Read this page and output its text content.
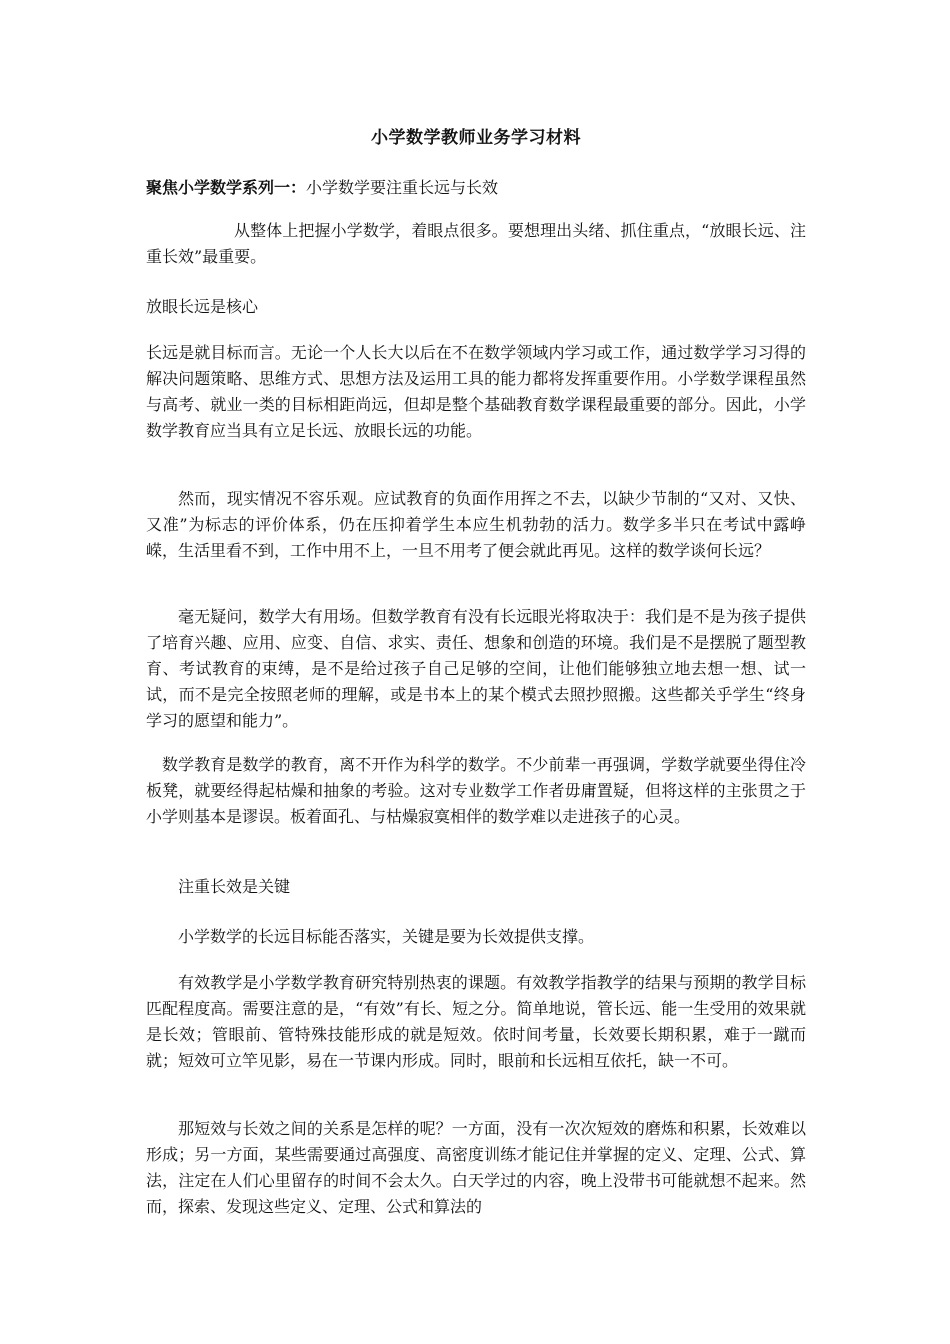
小学数学教师业务学习材料
聚焦小学数学系列一：小学数学要注重长远与长效

从整体上把握小学数学，着眼点很多。要想理出头绪、抓住重点，“放眼长远、注重长效”最重要。

放眼长远是核心

长远是就目标而言。无论一个人长大以后在不在数学领域内学习或工作，通过数学学习习得的解决问题策略、思维方式、思想方法及运用工具的能力都将发挥重要作用。小学数学课程虽然与高考、就业一类的目标相距尚远，但却是整个基础教育数学课程最重要的部分。因此，小学数学教育应当具有立足长远、放眼长远的功能。

然而，现实情况不容乐观。应试教育的负面作用挥之不去，以缺少节制的“又对、又快、又准”为标志的评价体系，仍在压抑着学生本应生机勃勃的活力。数学多半只在考试中露峥嵘，生活里看不到，工作中用不上，一旦不用考了便会就此再见。这样的数学谈何长远？

毫无疑问，数学大有用场。但数学教育有没有长远眼光将取决于：我们是不是为孩子提供了培育兴趣、应用、应变、自信、求实、责任、想象和创造的环境。我们是不是摆脱了题型教育、考试教育的束缚，是不是给过孩子自己足够的空间，让他们能够独立地去想一想、试一试，而不是完全按照老师的理解，或是书本上的某个模式去照抄照搬。这些都关乎学生“终身学习的愿望和能力”。

数学教育是数学的教育，离不开作为科学的数学。不少前辈一再强调，学数学就要坐得住冷板凳，就要经得起枯燥和抽象的考验。这对专业数学工作者毋庸置疑，但将这样的主张贯之于小学则基本是谬误。板着面孔、与枯燥寂寞相伴的数学难以走进孩子的心灵。

注重长效是关键

小学数学的长远目标能否落实，关键是要为长效提供支撑。

有效教学是小学数学教育研究特别热衷的课题。有效教学指教学的结果与预期的教学目标匹配程度高。需要注意的是，“有效”有长、短之分。简单地说，管长远、能一生受用的效果就是长效；管眼前、管特殊技能形成的就是短效。依时间考量，长效要长期积累，难于一蹴而就；短效可立竿见影，易在一节课内形成。同时，眼前和长远相互依托，缺一不可。

那短效与长效之间的关系是怎样的呢？一方面，没有一次次短效的磨炼和积累，长效难以形成；另一方面，某些需要通过高强度、高密度训练才能记住并掌握的定义、定理、公式、算法，注定在人们心里留存的时间不会太久。白天学过的内容，晚上没带书可能就想不起来。然而，探索、发现这些定义、定理、公式和算法的
